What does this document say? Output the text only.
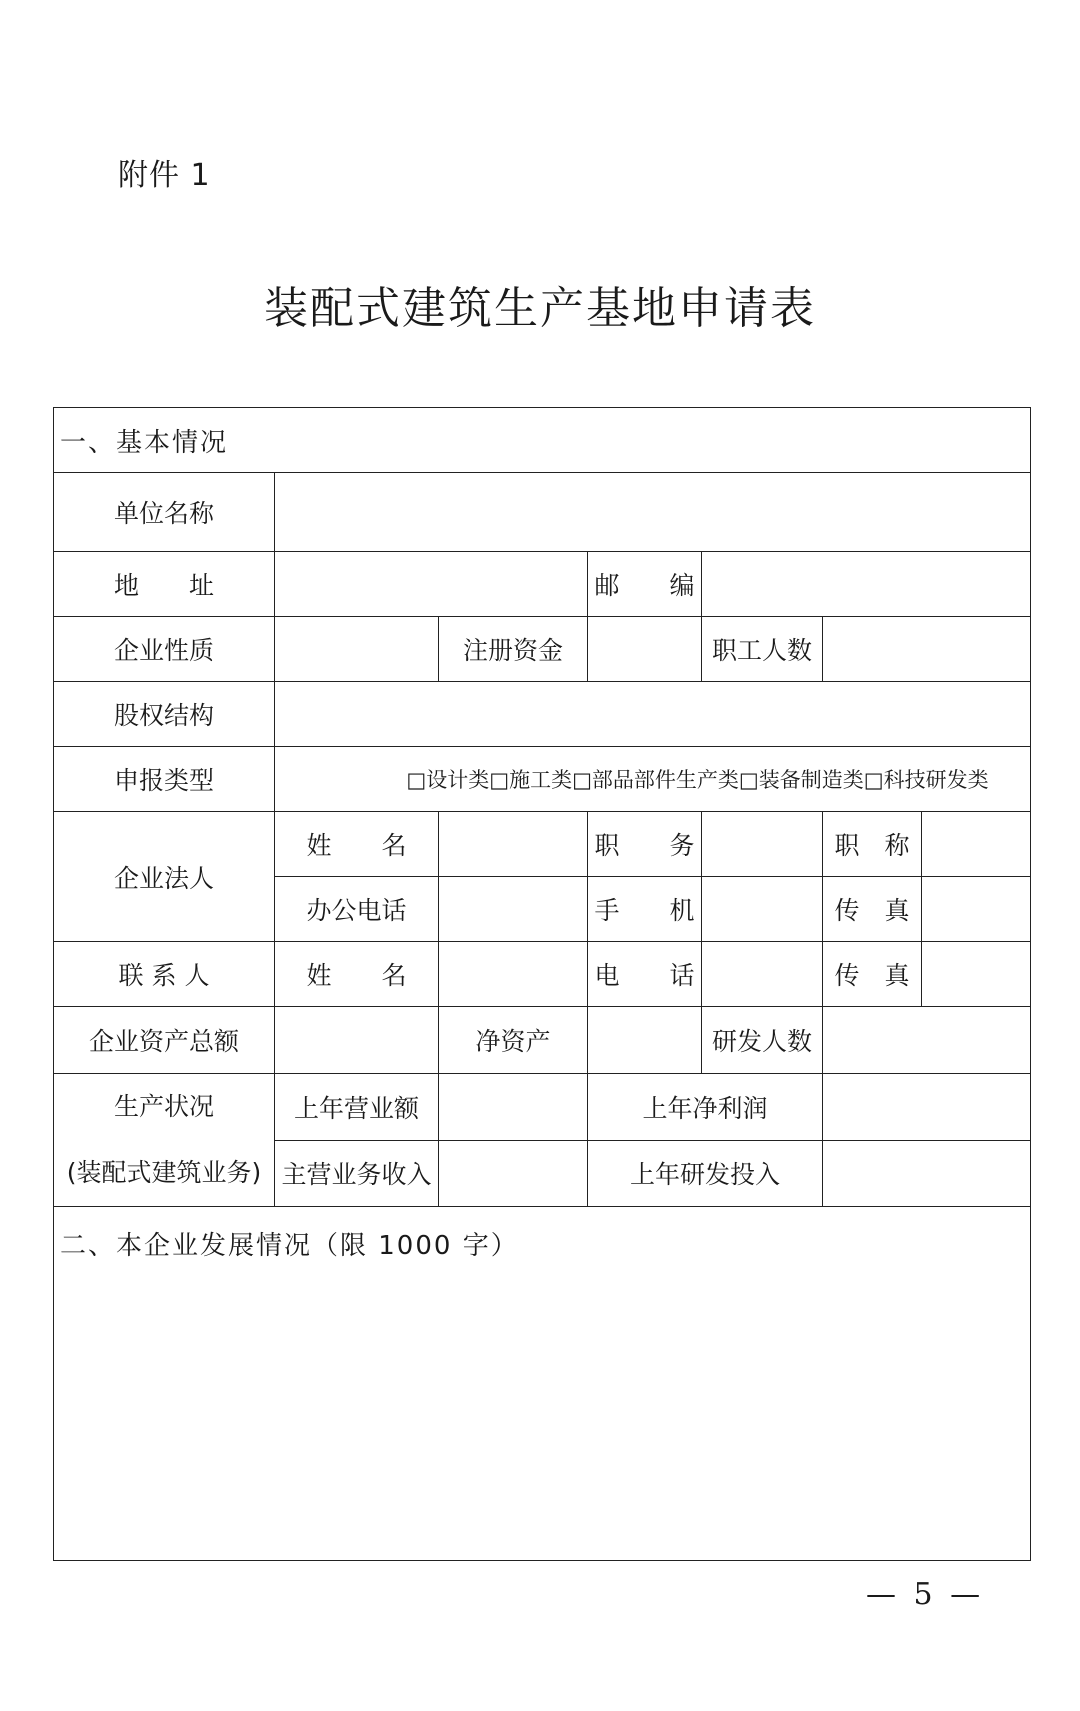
附件 1
装配式建筑生产基地申请表
一、基本情况						
单位名称						
地　　址			邮　　编			
企业性质		注册资金		职工人数		
股权结构						
申报类型	□设计类□施工类□部品部件生产类□装备制造类□科技研发类					
企业法人	姓　　名		职　　务		职　称	
	办公电话		手　　机		传　真	
联 系 人	姓　　名		电　　话		传　真	
企业资产总额		净资产		研发人数		

生产状况
(装配式建筑业务)	上年营业额		上年净利润			
	主营业务收入		上年研发投入			
二、本企业发展情况（限 1000 字）						
— 5 —
